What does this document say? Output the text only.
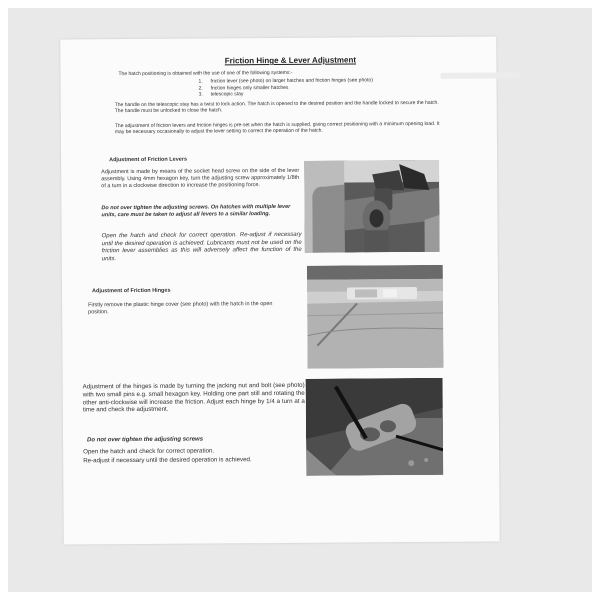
Friction Hinge & Lever Adjustment
The hatch positioning is obtained with the use of one of the following systems:-
1. friction lever (see photo) on larger hatches and friction hinges (see photo)
2. friction hinges only smaller hatches
3. telescopic stay
The handle on the telescopic stay has a twist to lock action. The hatch is opened to the desired position and the handle locked to secure the hatch. The handle must be unlocked to close the hatch.
The adjustment of friction levers and friction hinges is pre-set when the hatch is supplied, giving correct positioning with a minimum opening load. It may be necessary occasionally to adjust the lever setting to correct the operation of the hatch.
Adjustment of Friction Levers
Adjustment is made by means of the socket head screw on the side of the lever assembly. Using 4mm hexagon key, turn the adjusting screw approximately 1/8th of a turn in a clockwise direction to increase the positioning force.
Do not over tighten the adjusting screws. On hatches with multiple lever units, care must be taken to adjust all levers to a similar loading.
Open the hatch and check for correct operation. Re-adjust if necessary until the desired operation is achieved. Lubricants must not be used on the friction lever assemblies as this will adversely affect the function of the units.
Adjustment of Friction Hinges
Firstly remove the plastic hinge cover (see photo) with the hatch in the open position.
Adjustment of the hinges is made by turning the jacking nut and bolt (see photo) with two small pins e.g. small hexagon key. Holding one part still and rotating the other anti-clockwise will increase the friction. Adjust each hinge by 1/4 a turn at a time and check the adjustment.
Do not over tighten the adjusting screws
Open the hatch and check for correct operation.
Re-adjust if necessary until the desired operation is achieved.
